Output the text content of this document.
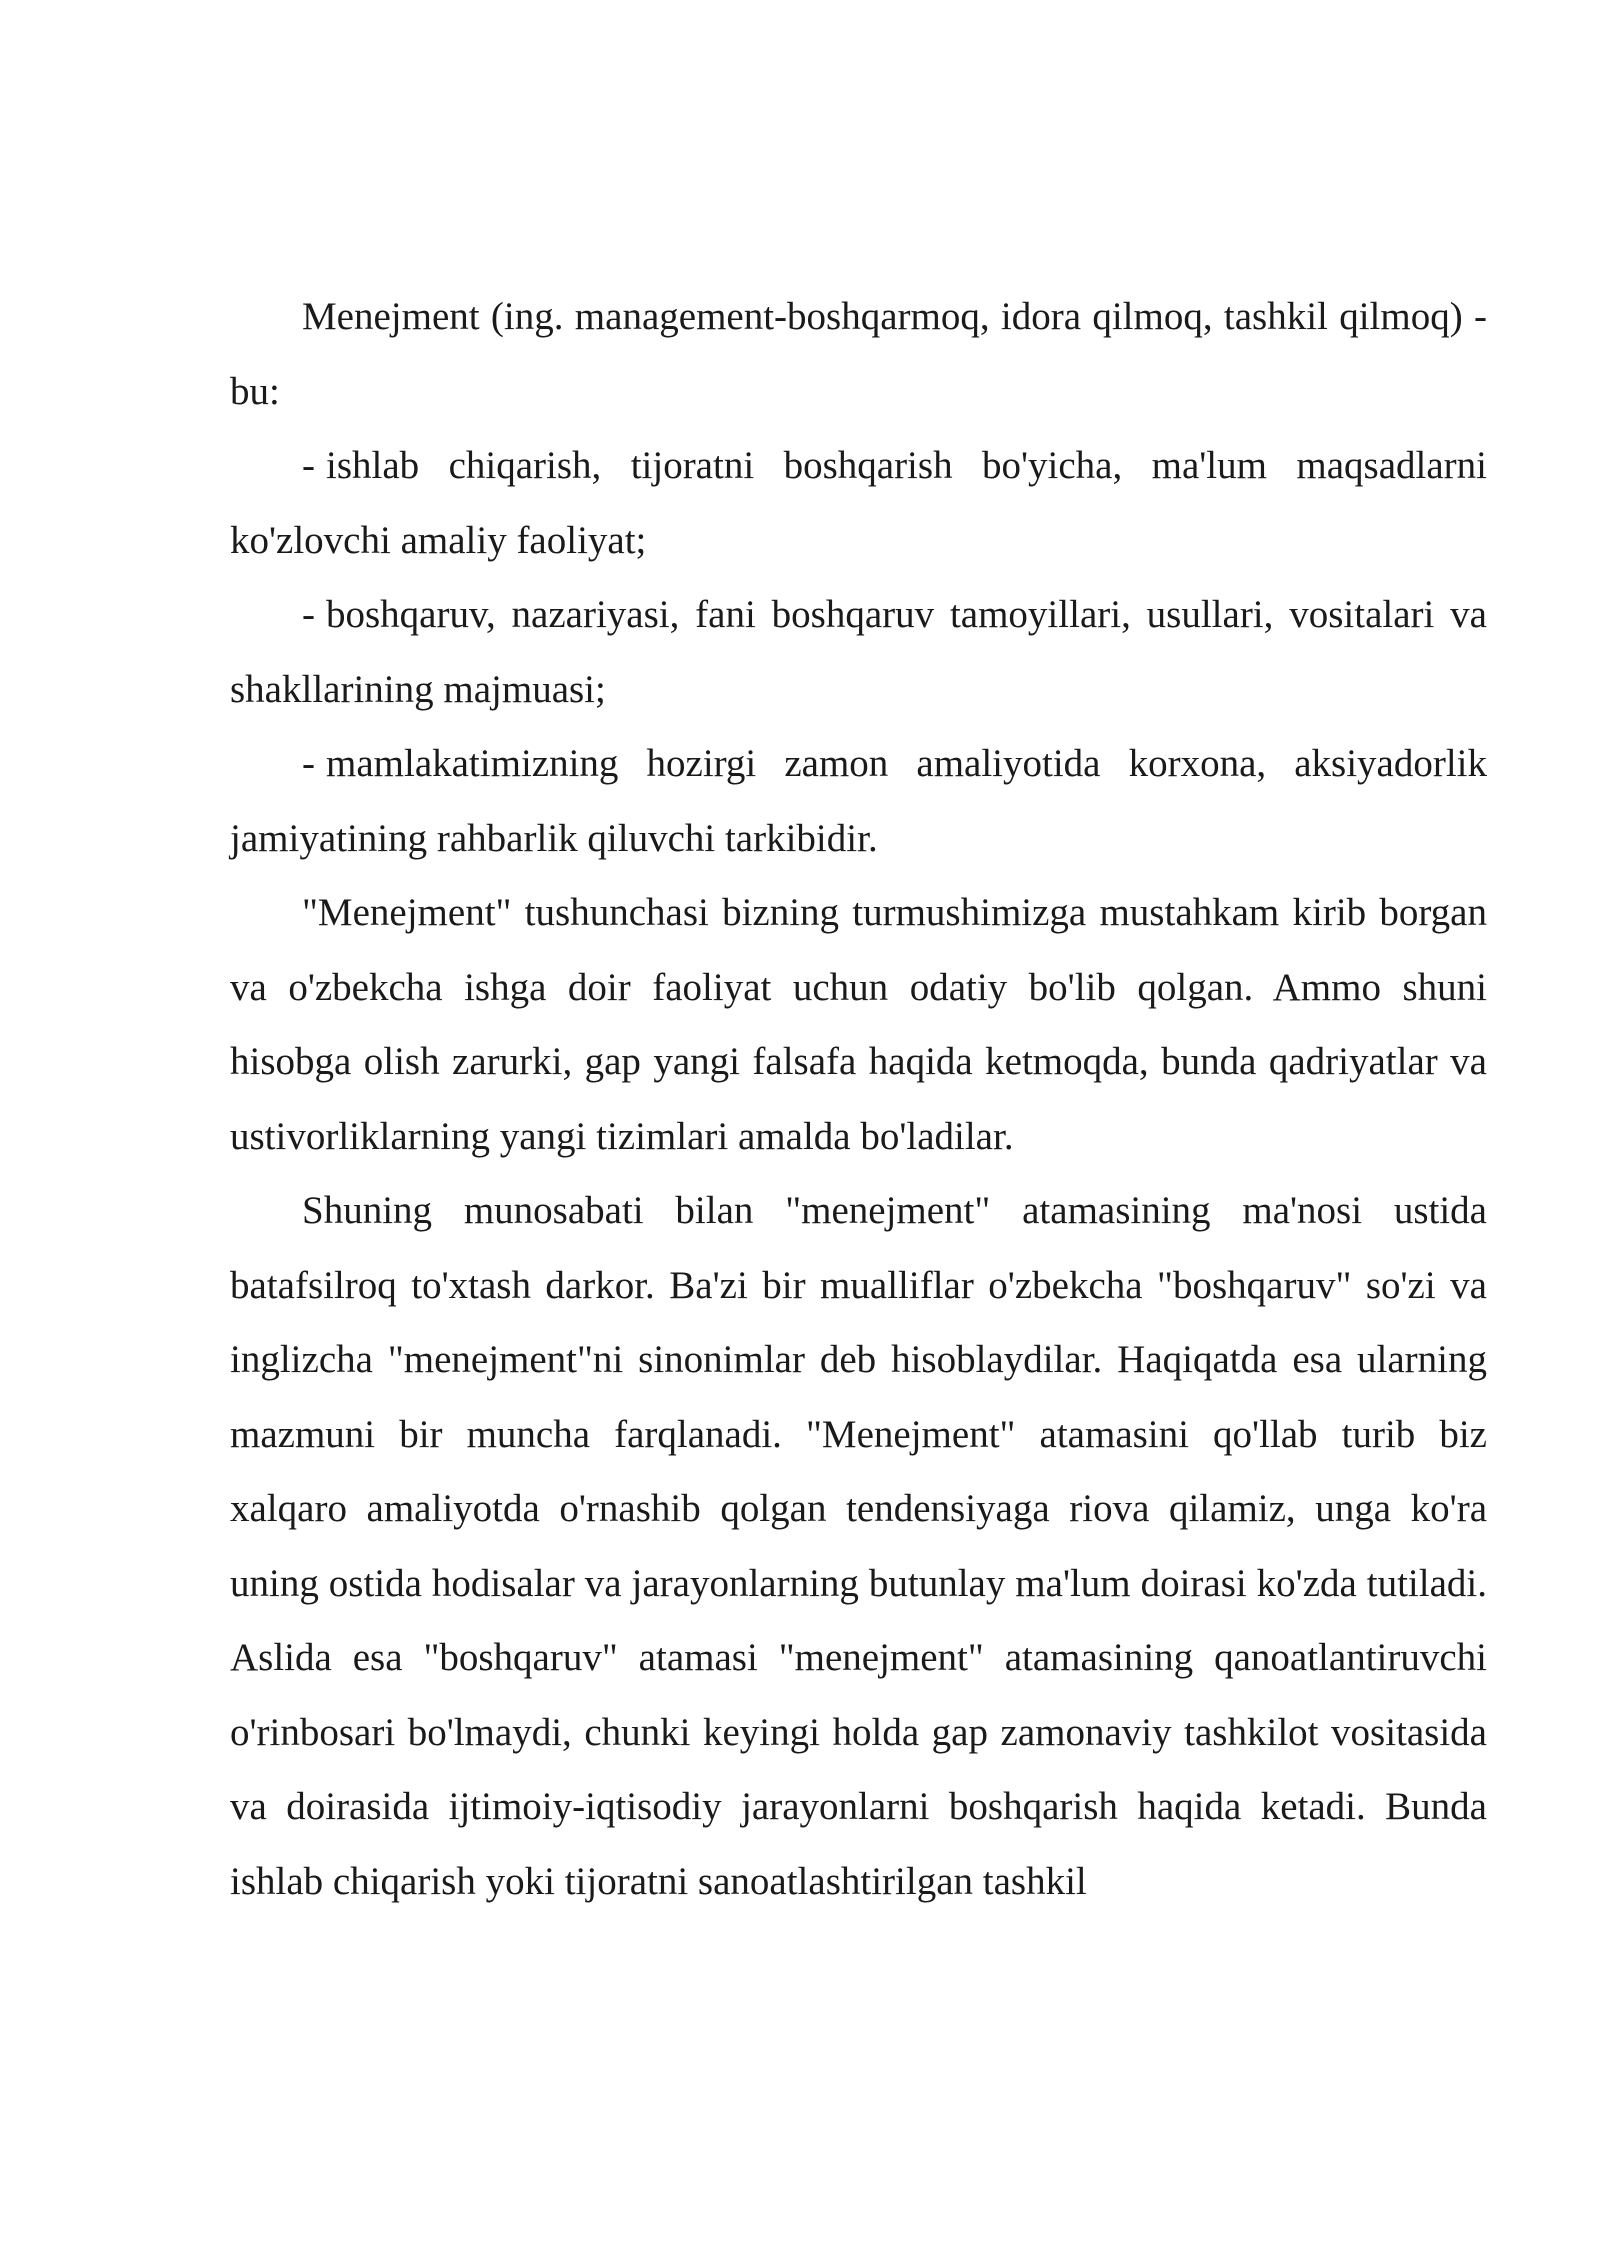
Menejment (ing. management-boshqarmoq, idora qilmoq, tashkil qilmoq) - bu:

- ishlab chiqarish, tijoratni boshqarish bo'yicha, ma'lum maqsadlarni ko'zlovchi amaliy faoliyat;

- boshqaruv, nazariyasi, fani boshqaruv tamoyillari, usullari, vositalari va shakllarining majmuasi;

- mamlakatimizning hozirgi zamon amaliyotida korxona, aksiyadorlik jamiyatining rahbarlik qiluvchi tarkibidir.

"Menejment" tushunchasi bizning turmushimizga mustahkam kirib borgan va o'zbekcha ishga doir faoliyat uchun odatiy bo'lib qolgan. Ammo shuni hisobga olish zarurki, gap yangi falsafa haqida ketmoqda, bunda qadriyatlar va ustivorliklarning yangi tizimlari amalda bo'ladilar.

Shuning munosabati bilan "menejment" atamasining ma'nosi ustida batafsilroq to'xtash darkor. Ba'zi bir mualliflar o'zbekcha "boshqaruv" so'zi va inglizcha "menejment"ni sinonimlar deb hisoblaydilar. Haqiqatda esa ularning mazmuni bir muncha farqlanadi. "Menejment" atamasini qo'llab turib biz xalqaro amaliyotda o'rnashib qolgan tendensiyaga riova qilamiz, unga ko'ra uning ostida hodisalar va jarayonlarning butunlay ma'lum doirasi ko'zda tutiladi. Aslida esa "boshqaruv" atamasi "menejment" atamasining qanoatlantiruvchi o'rinbosari bo'lmaydi, chunki keyingi holda gap zamonaviy tashkilot vositasida va doirasida ijtimoiy-iqtisodiy jarayonlarni boshqarish haqida ketadi. Bunda ishlab chiqarish yoki tijoratni sanoatlashtirilgan tashkil
